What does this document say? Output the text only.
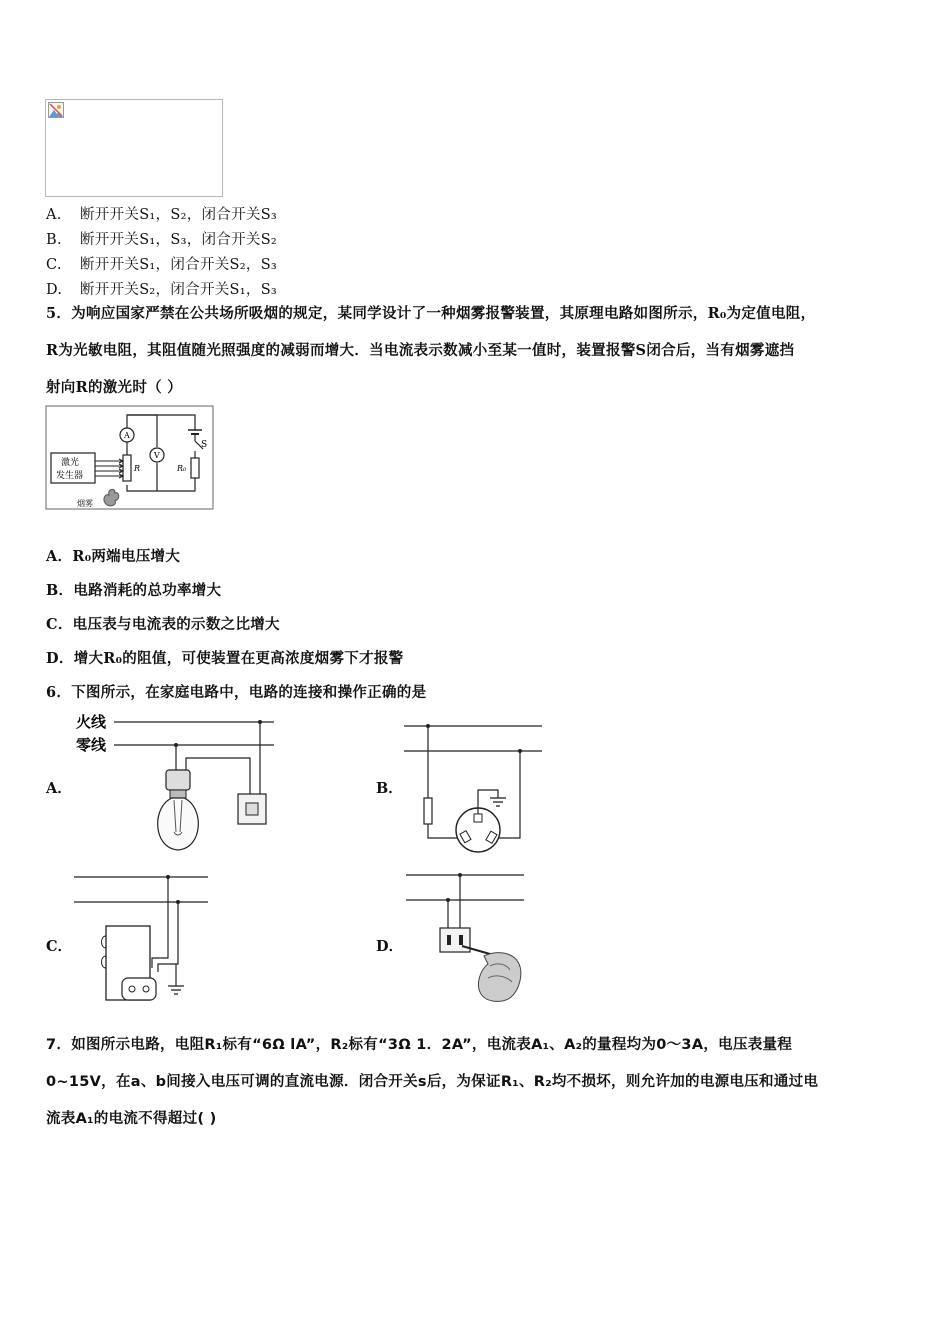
A. 断开开关S₁，S₂，闭合开关S₃
B. 断开开关S₁，S₃，闭合开关S₂
C. 断开开关S₁，闭合开关S₂，S₃
D. 断开开关S₂，闭合开关S₁，S₃
5．为响应国家严禁在公共场所吸烟的规定，某同学设计了一种烟雾报警装置，其原理电路如图所示，R₀为定值电阻，
R为光敏电阻，其阻值随光照强度的减弱而增大．当电流表示数减小至某一值时，装置报警S闭合后，当有烟雾遮挡
射向R的激光时（ ）
S
R₀
A
V
R
激光
发生器
烟雾
A．R₀两端电压增大
B．电路消耗的总功率增大
C．电压表与电流表的示数之比增大
D．增大R₀的阻值，可使装置在更高浓度烟雾下才报警
6．下图所示，在家庭电路中，电路的连接和操作正确的是
A．
火线
零线
B．
C．	D．
7．如图所示电路，电阻R₁标有“6Ω lA”，R₂标有“3Ω 1．2A”，电流表A₁、A₂的量程均为0～3A，电压表量程
0~15V，在a、b间接入电压可调的直流电源．闭合开关s后，为保证R₁、R₂均不损坏，则允许加的电源电压和通过电
流表A₁的电流不得超过( )
